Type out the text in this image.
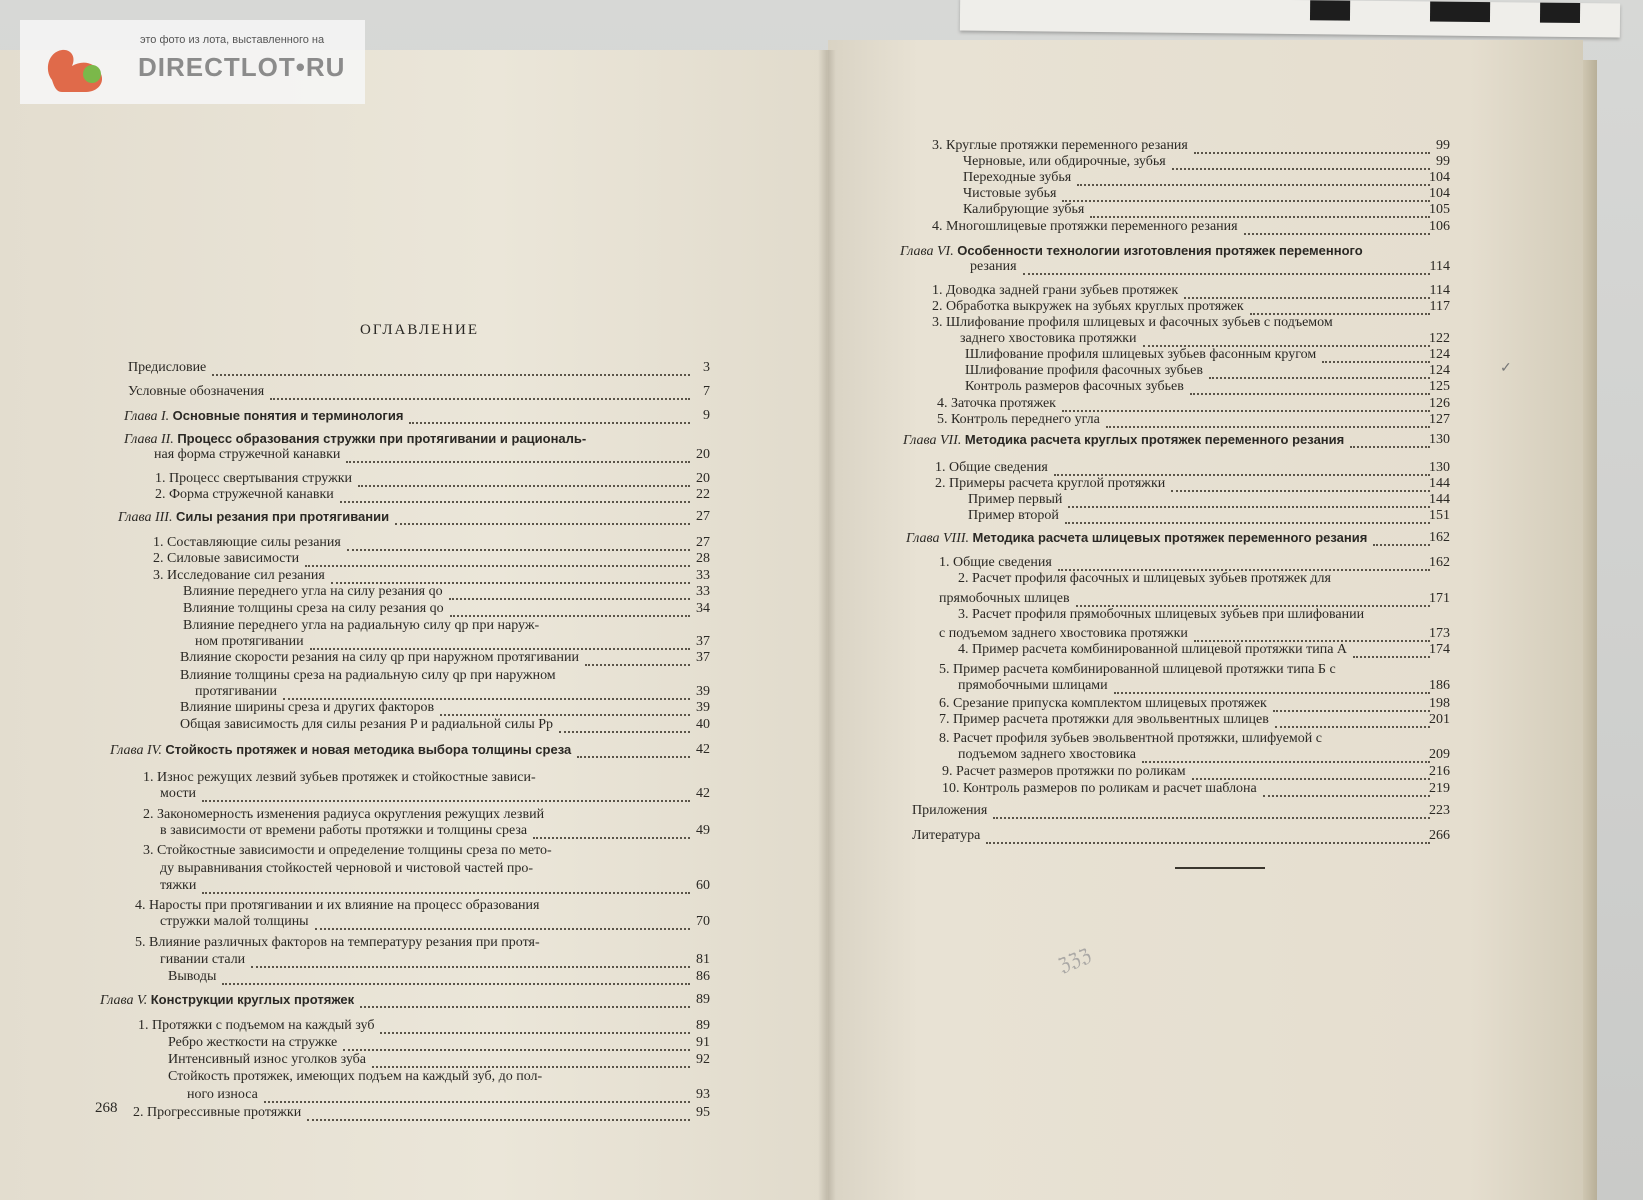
это фото из лота, выставленного на
DIRECTLOT•RU
ОГЛАВЛЕНИЕ
Предисловие	3
Условные обозначения	7
Глава I. Основные понятия и терминология	9
Глава II. Процесс образования стружки при протягивании и рациональ-
ная форма стружечной канавки	20
1. Процесс свертывания стружки	20
2. Форма стружечной канавки	22
Глава III. Силы резания при протягивании	27
1. Составляющие силы резания	27
2. Силовые зависимости	28
3. Исследование сил резания	33
Влияние переднего угла на силу резания qo	33
Влияние толщины среза на силу резания qo	34
Влияние переднего угла на радиальную силу qp при наруж-
ном протягивании	37
Влияние скорости резания на силу qp при наружном протягивании	37
Влияние толщины среза на радиальную силу qp при наружном
протягивании	39
Влияние ширины среза и других факторов	39
Общая зависимость для силы резания P и радиальной силы Pp	40
Глава IV. Стойкость протяжек и новая методика выбора толщины среза	42
1. Износ режущих лезвий зубьев протяжек и стойкостные зависи-
мости	42
2. Закономерность изменения радиуса округления режущих лезвий
в зависимости от времени работы протяжки и толщины среза	49
3. Стойкостные зависимости и определение толщины среза по мето-
ду выравнивания стойкостей черновой и чистовой частей про-
тяжки	60
4. Наросты при протягивании и их влияние на процесс образования
стружки малой толщины	70
5. Влияние различных факторов на температуру резания при протя-
гивании стали	81
Выводы	86
Глава V. Конструкции круглых протяжек	89
1. Протяжки с подъемом на каждый зуб	89
Ребро жесткости на стружке	91
Интенсивный износ уголков зуба	92
Стойкость протяжек, имеющих подъем на каждый зуб, до пол-
ного износа	93
2. Прогрессивные протяжки	95
3. Круглые протяжки переменного резания	99
Черновые, или обдирочные, зубья	99
Переходные зубья	104
Чистовые зубья	104
Калибрующие зубья	105
4. Многошлицевые протяжки переменного резания	106
Глава VI. Особенности технологии изготовления протяжек переменного
резания	114
1. Доводка задней грани зубьев протяжек	114
2. Обработка выкружек на зубьях круглых протяжек	117
3. Шлифование профиля шлицевых и фасочных зубьев с подъемом
заднего хвостовика протяжки	122
Шлифование профиля шлицевых зубьев фасонным кругом	124
Шлифование профиля фасочных зубьев	124
Контроль размеров фасочных зубьев	125
4. Заточка протяжек	126
5. Контроль переднего угла	127
Глава VII. Методика расчета круглых протяжек переменного резания	130
1. Общие сведения	130
2. Примеры расчета круглой протяжки	144
Пример первый	144
Пример второй	151
Глава VIII. Методика расчета шлицевых протяжек переменного резания	162
1. Общие сведения	162
2. Расчет профиля фасочных и шлицевых зубьев протяжек для
прямобочных шлицев	171
3. Расчет профиля прямобочных шлицевых зубьев при шлифовании
с подъемом заднего хвостовика протяжки	173
4. Пример расчета комбинированной шлицевой протяжки типа А	174
5. Пример расчета комбинированной шлицевой протяжки типа Б с
прямобочными шлицами	186
6. Срезание припуска комплектом шлицевых протяжек	198
7. Пример расчета протяжки для эвольвентных шлицев	201
8. Расчет профиля зубьев эвольвентной протяжки, шлифуемой с
подъемом заднего хвостовика	209
9. Расчет размеров протяжки по роликам	216
10. Контроль размеров по роликам и расчет шаблона	219
Приложения	223
Литература	266
268
ℨℨℨ
✓
